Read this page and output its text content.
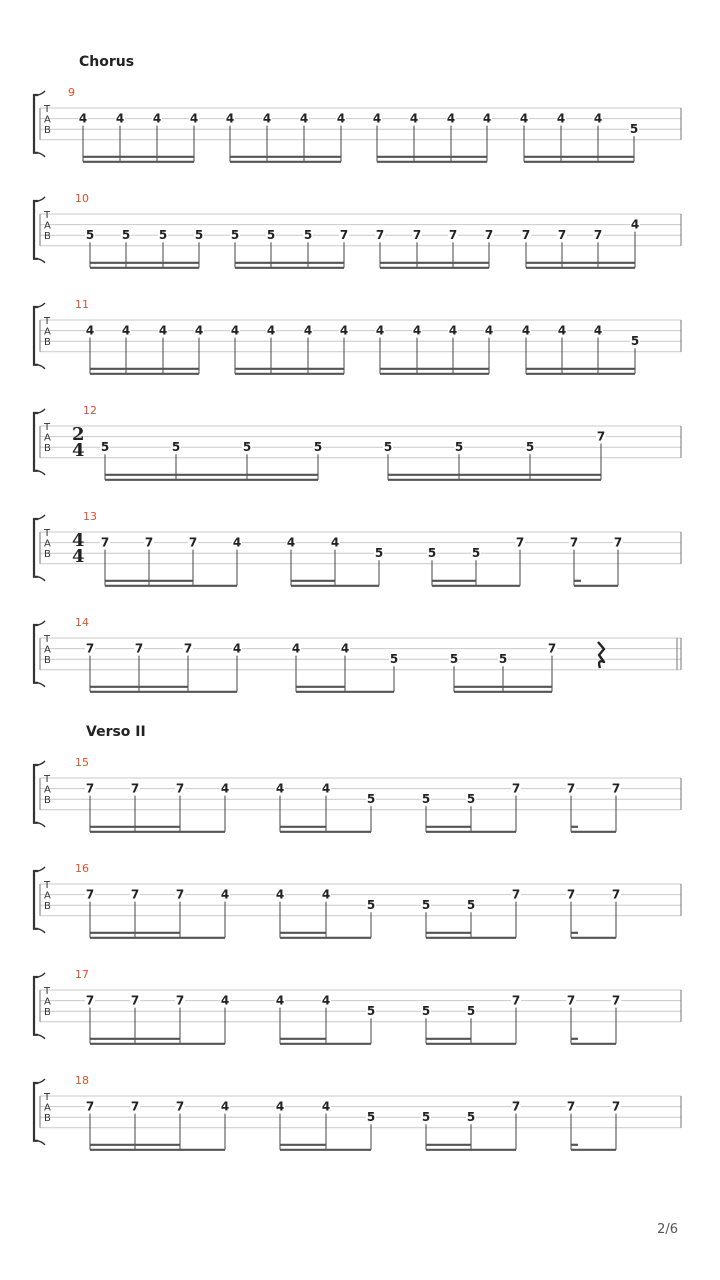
Chorus
Verso II
T
A
B
9
4 4 4 4 4 4 4 4 4 4 4 4 4 4 4
5
T
A
B
10
5 5 5 5 5 5 5 7 7 7 7 7 7 7 7
4
T
A
B
11
4 4 4 4 4 4 4 4 4 4 4 4 4 4 4
5
T
A
B
12
2
4 5	5	5	5	5	5	5
7
T
A
B
13
4
4
7	7	7	4	4	4
5	5	5
7	7	7
T
A
B
14
7	7	7	4	4	4
5	5	5
7
T
A
B
15
7	7	7	4	4	4
5	5	5
7	7	7
T
A
B
16
7	7	7	4	4	4
5	5	5
7	7	7
T
A
B
17
7	7	7	4	4	4
5	5	5
7	7	7
T
A
B
18
7	7	7	4	4	4
5	5	5
7	7	7
2/6
